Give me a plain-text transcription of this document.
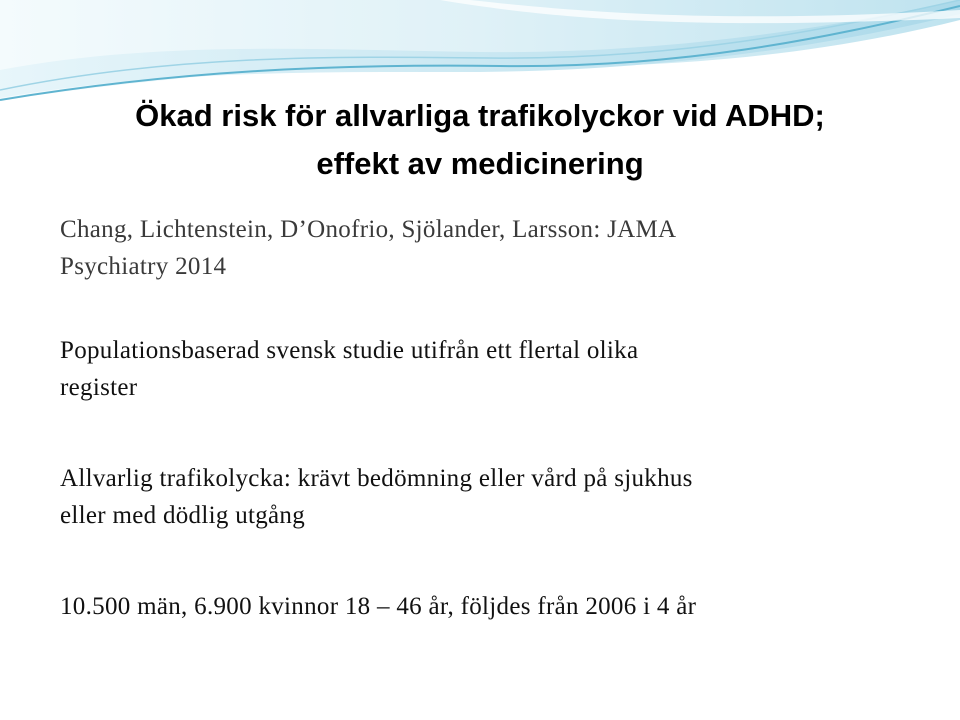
Ökad risk för allvarliga trafikolyckor vid ADHD;
effekt av medicinering

Chang, Lichtenstein, D’Onofrio, Sjölander, Larsson: JAMA
Psychiatry 2014

Populationsbaserad svensk studie utifrån ett flertal olika
register

Allvarlig trafikolycka: krävt bedömning eller vård på sjukhus
eller med dödlig utgång

10.500 män, 6.900 kvinnor 18 – 46 år, följdes från 2006 i 4 år
